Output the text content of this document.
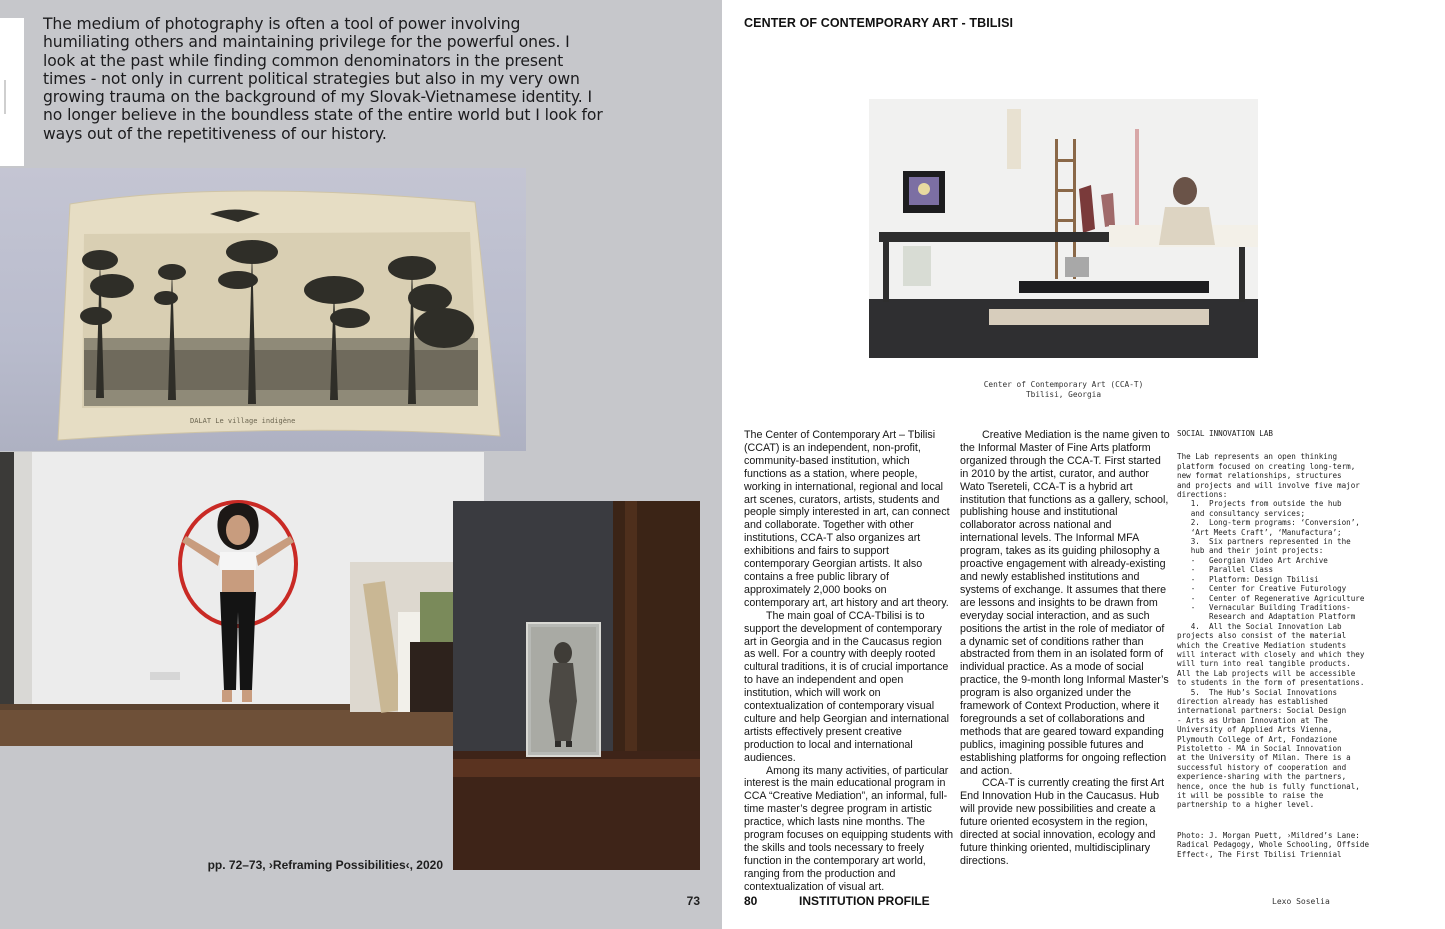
The medium of photography is often a tool of power involving humiliating others and maintaining privilege for the powerful ones. I look at the past while finding common denominators in the present times - not only in current political strategies but also in my very own growing trauma on the background of my Slovak-Vietnamese identity. I no longer believe in the boundless state of the entire world but I look for ways out of the repetitiveness of our history.
DALAT Le village indigène
pp. 72–73, ›Reframing Possibilities‹, 2020
73
CENTER OF CONTEMPORARY ART - TBILISI
Center of Contemporary Art (CCA-T)
Tbilisi, Georgia

The Center of Contemporary Art – Tbilisi (CCAT) is an independent, non-profit, community-based institution, which functions as a station, where people, working in international, regional and local art scenes, curators, artists, students and people simply interested in art, can connect and collaborate. Together with other institutions, CCA-T also organizes art exhibitions and fairs to support contemporary Georgian artists. It also contains a free public library of approximately 2,000 books on contemporary art, art history and art theory.

The main goal of CCA-Tbilisi is to support the development of contemporary art in Georgia and in the Caucasus region as well. For a country with deeply rooted cultural traditions, it is of crucial importance to have an independent and open institution, which will work on contextualization of contemporary visual culture and help Georgian and international artists effectively present creative production to local and international audiences.

Among its many activities, of particular interest is the main educational program in CCA “Creative Mediation”, an informal, full-time master’s degree program in artistic practice, which lasts nine months. The program focuses on equipping students with the skills and tools necessary to freely function in the contemporary art world, ranging from the production and contextualization of visual art.

Creative Mediation is the name given to the Informal Master of Fine Arts platform organized through the CCA-T. First started in 2010 by the artist, curator, and author Wato Tsereteli, CCA-T is a hybrid art institution that functions as a gallery, school, publishing house and institutional collaborator across national and international levels. The Informal MFA program, takes as its guiding philosophy a proactive engagement with already-existing and newly established institutions and systems of exchange. It assumes that there are lessons and insights to be drawn from everyday social interaction, and as such positions the artist in the role of mediator of a dynamic set of conditions rather than abstracted from them in an isolated form of individual practice. As a mode of social practice, the 9-month long Informal Master’s program is also organized under the framework of Context Production, where it foregrounds a set of collaborations and methods that are geared toward expanding publics, imagining possible futures and establishing platforms for ongoing reflection and action.

CCA-T is currently creating the first Art End Innovation Hub in the Caucasus. Hub will provide new possibilities and create a future oriented ecosystem in the region, directed at social innovation, ecology and future thinking oriented, multidisciplinary directions.

SOCIAL INNOVATION LAB
The Lab represents an open thinking
platform focused on creating long-term,
new format relationships, structures
and projects and will involve five major
directions:
1.  Projects from outside the hub
and consultancy services;
2.  Long-term programs: ‘Conversion’,
‘Art Meets Craft’, ‘Manufactura’;
3.  Six partners represented in the
hub and their joint projects:
-   Georgian Video Art Archive
-   Parallel Class
-   Platform: Design Tbilisi
-   Center for Creative Futurology
-   Center of Regenerative Agriculture
-   Vernacular Building Traditions-
Research and Adaptation Platform
4.  All the Social Innovation Lab
projects also consist of the material
which the Creative Mediation students
will interact with closely and which they
will turn into real tangible products.
All the Lab projects will be accessible
to students in the form of presentations.
5.  The Hub’s Social Innovations
direction already has established
international partners: Social Design
- Arts as Urban Innovation at The
University of Applied Arts Vienna,
Plymouth College of Art, Fondazione
Pistoletto - MA in Social Innovation
at the University of Milan. There is a
successful history of cooperation and
experience-sharing with the partners,
hence, once the hub is fully functional,
it will be possible to raise the
partnership to a higher level.
Photo: J. Morgan Puett, ›Mildred’s Lane: Radical Pedagogy, Whole Schooling, Offside Effect‹, The First Tbilisi Triennial
80	INSTITUTION PROFILE	Lexo Soselia
